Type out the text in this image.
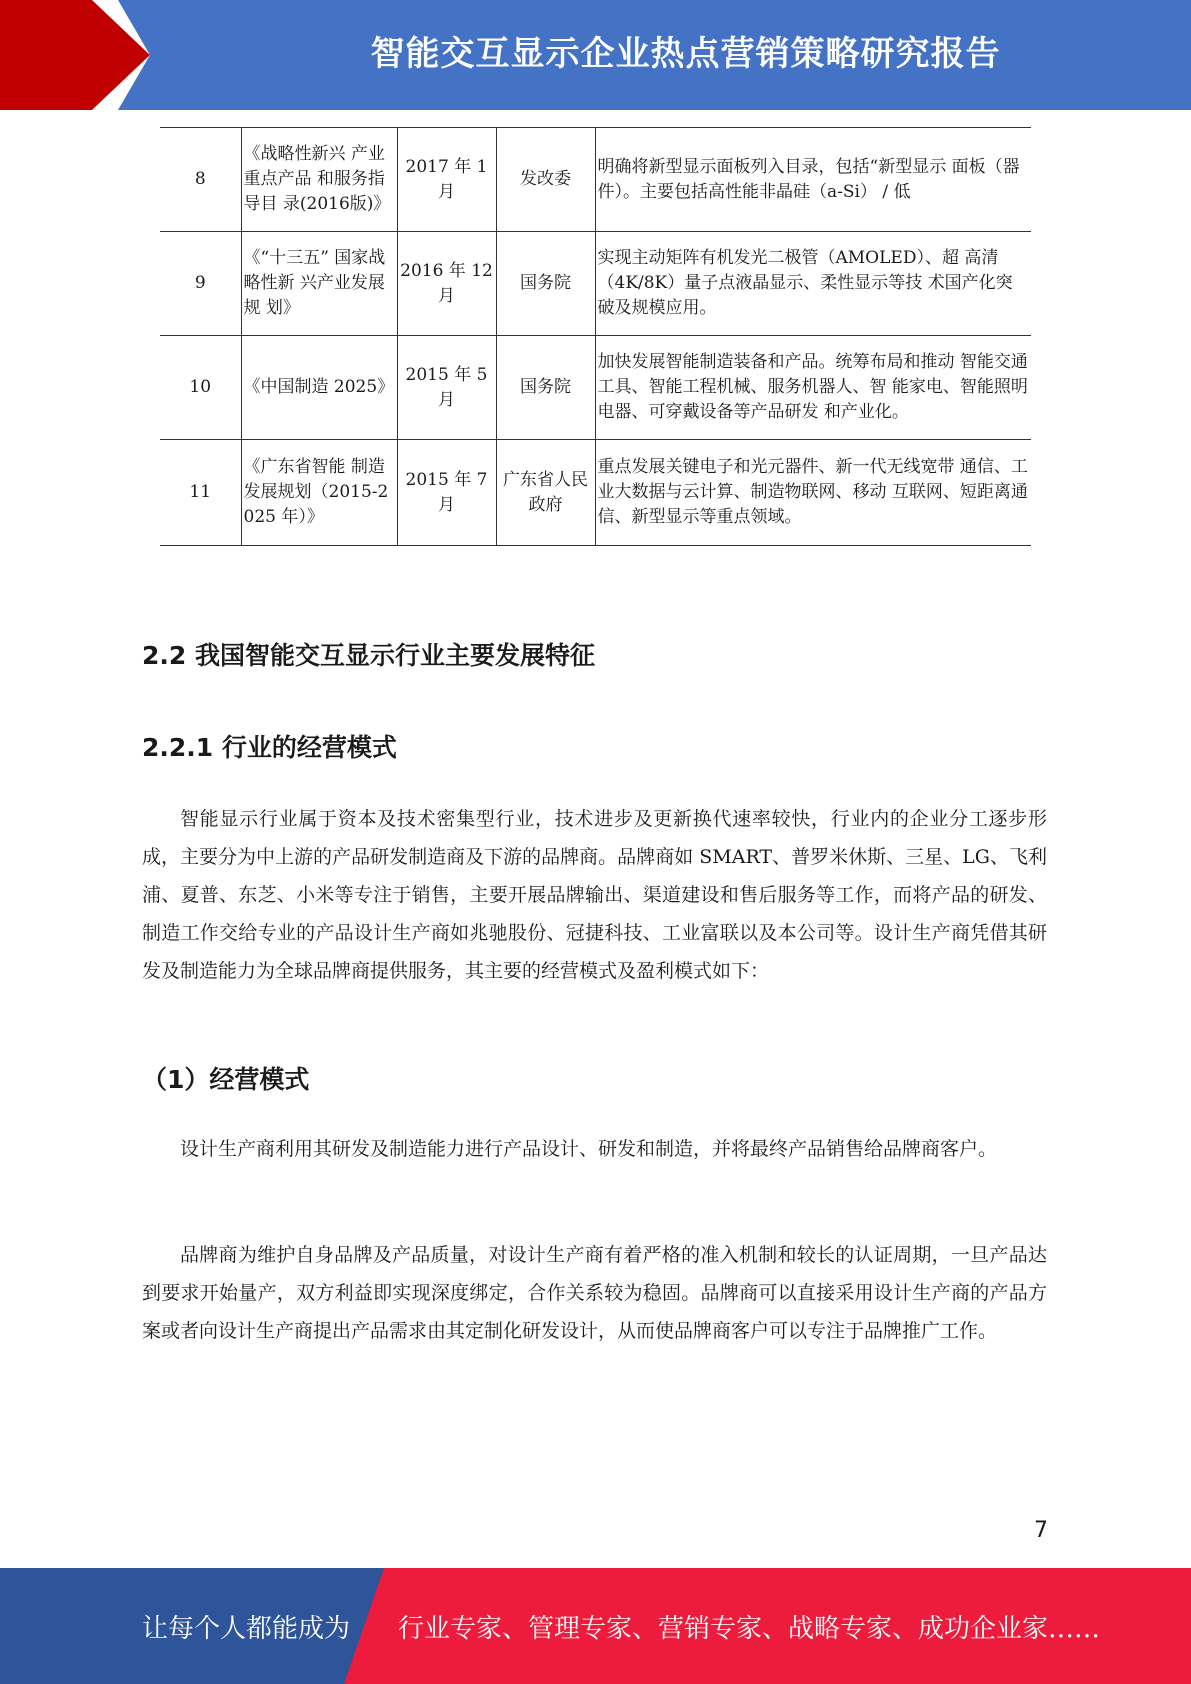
智能交互显示企业热点营销策略研究报告
8	《战略性新兴 产业重点产品 和服务指导目 录(2016版)》	2017 年 1 月	发改委	明确将新型显示面板列入目录，包括“新型显示 面板（器件）。主要包括高性能非晶硅（a-Si） / 低
9	《“十三五” 国家战略性新 兴产业发展规 划》	2016 年 12 月	国务院	实现主动矩阵有机发光二极管（AMOLED）、超 高清（4K/8K）量子点液晶显示、柔性显示等技 术国产化突破及规模应用。
10	《中国制造 2025》	2015 年 5 月	国务院	加快发展智能制造装备和产品。统筹布局和推动 智能交通工具、智能工程机械、服务机器人、智 能家电、智能照明电器、可穿戴设备等产品研发 和产业化。
11	《广东省智能 制造发展规划（2015-2025 年）》	2015 年 7 月	广东省人民政府	重点发展关键电子和光元器件、新一代无线宽带 通信、工业大数据与云计算、制造物联网、移动 互联网、短距离通信、新型显示等重点领域。
2.2 我国智能交互显示行业主要发展特征
2.2.1 行业的经营模式

智能显示行业属于资本及技术密集型行业，技术进步及更新换代速率较快，行业内的企业分工逐步形成，主要分为中上游的产品研发制造商及下游的品牌商。品牌商如 SMART、普罗米休斯、三星、LG、飞利浦、夏普、东芝、小米等专注于销售，主要开展品牌输出、渠道建设和售后服务等工作，而将产品的研发、制造工作交给专业的产品设计生产商如兆驰股份、冠捷科技、工业富联以及本公司等。设计生产商凭借其研发及制造能力为全球品牌商提供服务，其主要的经营模式及盈利模式如下：

（1）经营模式

设计生产商利用其研发及制造能力进行产品设计、研发和制造，并将最终产品销售给品牌商客户。

品牌商为维护自身品牌及产品质量，对设计生产商有着严格的准入机制和较长的认证周期，一旦产品达到要求开始量产，双方利益即实现深度绑定，合作关系较为稳固。品牌商可以直接采用设计生产商的产品方案或者向设计生产商提出产品需求由其定制化研发设计，从而使品牌商客户可以专注于品牌推广工作。

7
让每个人都能成为 行业专家、管理专家、营销专家、战略专家、成功企业家……
